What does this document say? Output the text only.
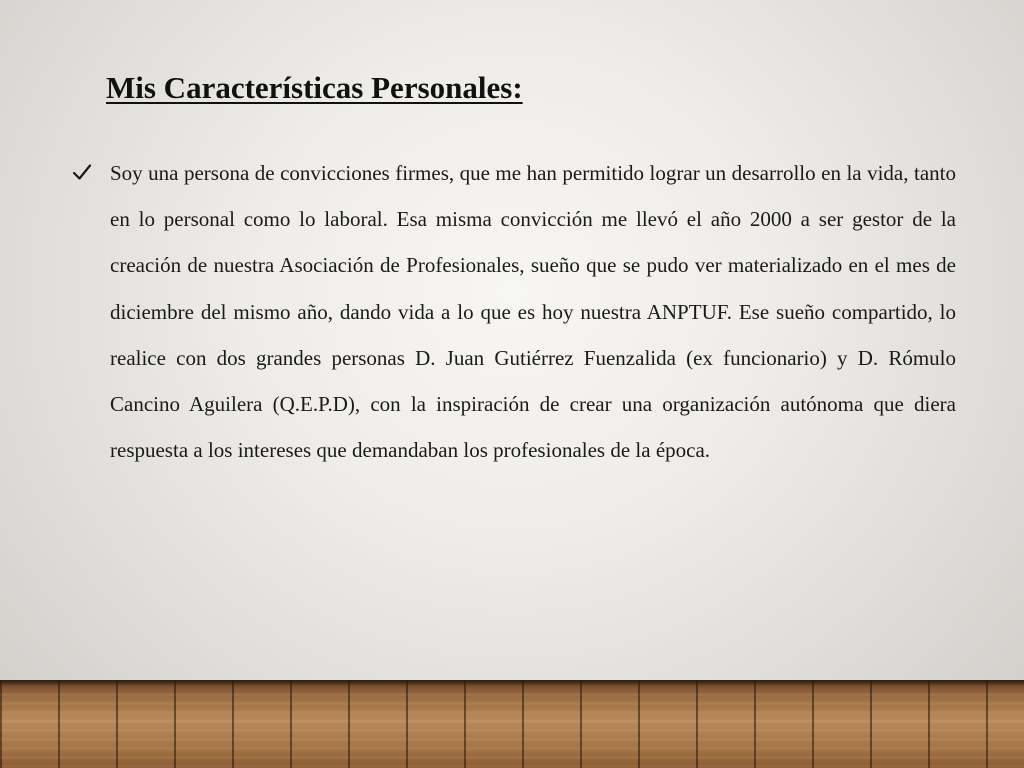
Mis Características Personales:
Soy una persona de convicciones firmes, que me han permitido lograr un desarrollo en la vida, tanto en lo personal como lo laboral. Esa misma convicción me llevó el año 2000 a ser gestor de la creación de nuestra Asociación de Profesionales, sueño que se pudo ver materializado en el mes de diciembre del mismo año, dando vida a lo que es hoy nuestra ANPTUF. Ese sueño compartido, lo realice con dos grandes personas D. Juan Gutiérrez Fuenzalida (ex funcionario) y D. Rómulo Cancino Aguilera (Q.E.P.D), con la inspiración de crear una organización autónoma que diera respuesta a los intereses que demandaban los profesionales de la época.
